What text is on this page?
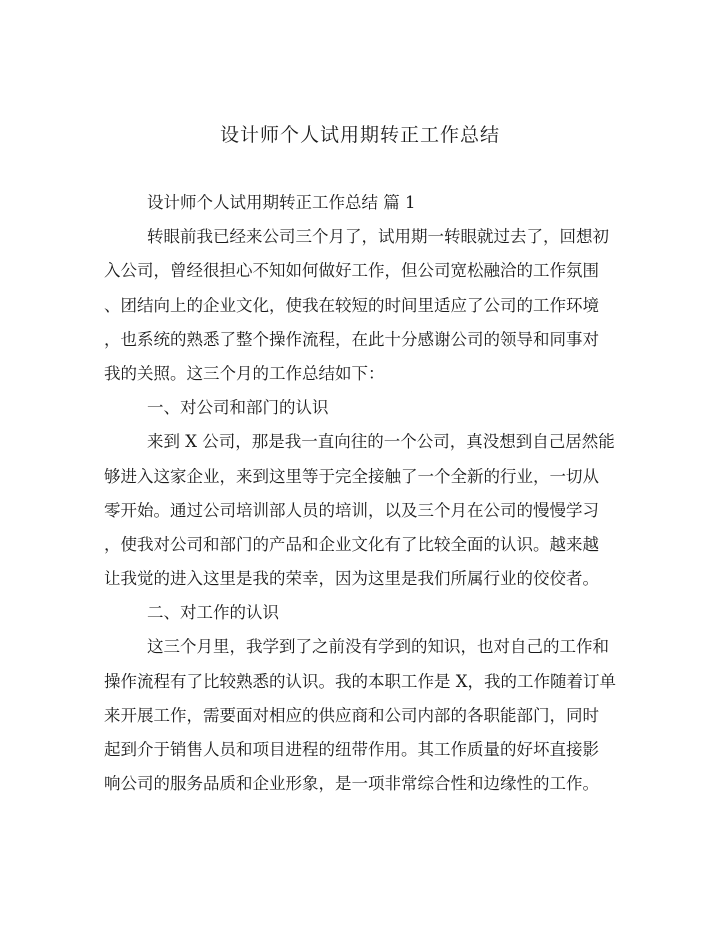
设计师个人试用期转正工作总结
设计师个人试用期转正工作总结 篇 1
转眼前我已经来公司三个月了，试用期一转眼就过去了，回想初
入公司，曾经很担心不知如何做好工作，但公司宽松融洽的工作氛围
、团结向上的企业文化，使我在较短的时间里适应了公司的工作环境
，也系统的熟悉了整个操作流程，在此十分感谢公司的领导和同事对
我的关照。这三个月的工作总结如下：
一、对公司和部门的认识
来到 X 公司，那是我一直向往的一个公司，真没想到自己居然能
够进入这家企业，来到这里等于完全接触了一个全新的行业，一切从
零开始。通过公司培训部人员的培训，以及三个月在公司的慢慢学习
，使我对公司和部门的产品和企业文化有了比较全面的认识。越来越
让我觉的进入这里是我的荣幸，因为这里是我们所属行业的佼佼者。
二、对工作的认识
这三个月里，我学到了之前没有学到的知识，也对自己的工作和
操作流程有了比较熟悉的认识。我的本职工作是 X，我的工作随着订单
来开展工作，需要面对相应的供应商和公司内部的各职能部门，同时
起到介于销售人员和项目进程的纽带作用。其工作质量的好坏直接影
响公司的服务品质和企业形象，是一项非常综合性和边缘性的工作。
